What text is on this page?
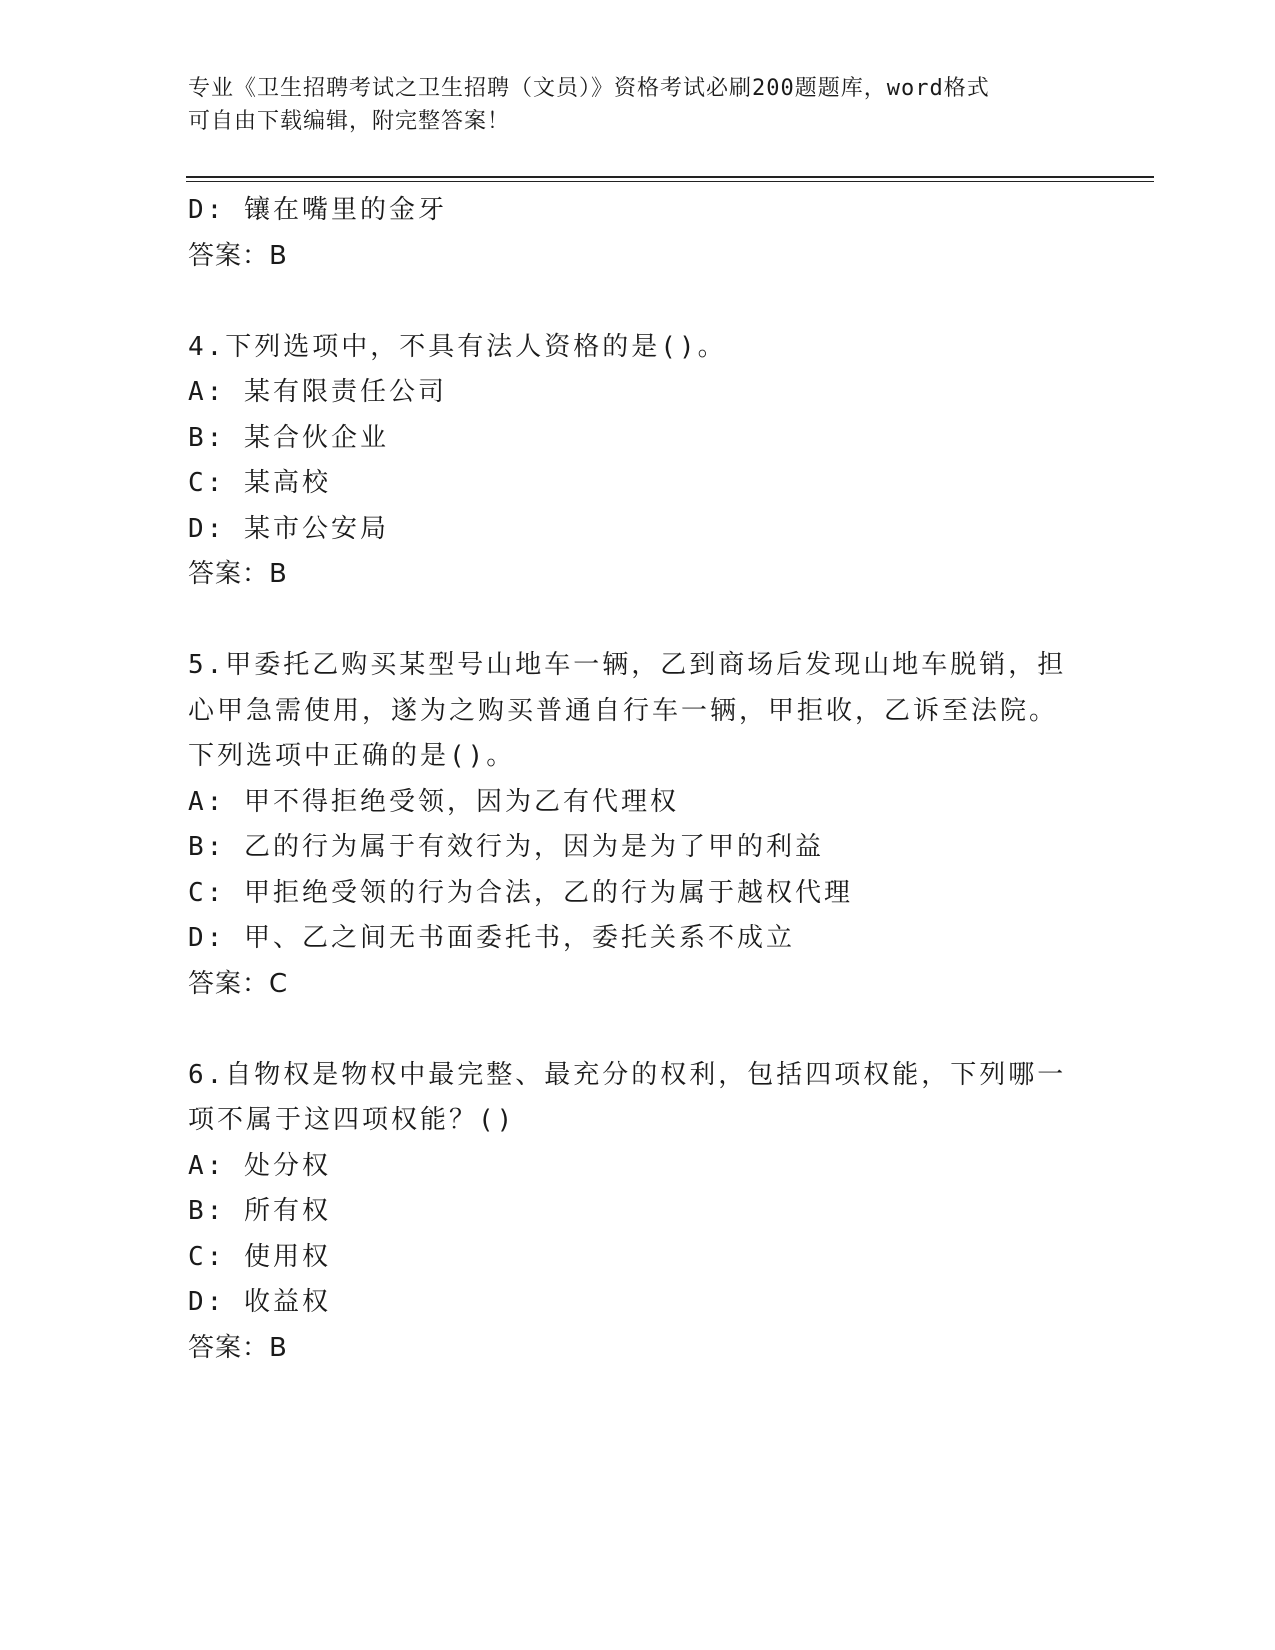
专业《卫生招聘考试之卫生招聘（文员）》资格考试必刷200题题库，word格式
可自由下载编辑，附完整答案！
D: 镶在嘴里的金牙
答案：B
4.下列选项中，不具有法人资格的是()。
A: 某有限责任公司
B: 某合伙企业
C: 某高校
D: 某市公安局
答案：B
5.甲委托乙购买某型号山地车一辆，乙到商场后发现山地车脱销，担
心甲急需使用，遂为之购买普通自行车一辆，甲拒收，乙诉至法院。
下列选项中正确的是()。
A: 甲不得拒绝受领，因为乙有代理权
B: 乙的行为属于有效行为，因为是为了甲的利益
C: 甲拒绝受领的行为合法，乙的行为属于越权代理
D: 甲、乙之间无书面委托书，委托关系不成立
答案：C
6.自物权是物权中最完整、最充分的权利，包括四项权能，下列哪一
项不属于这四项权能？()
A: 处分权
B: 所有权
C: 使用权
D: 收益权
答案：B
